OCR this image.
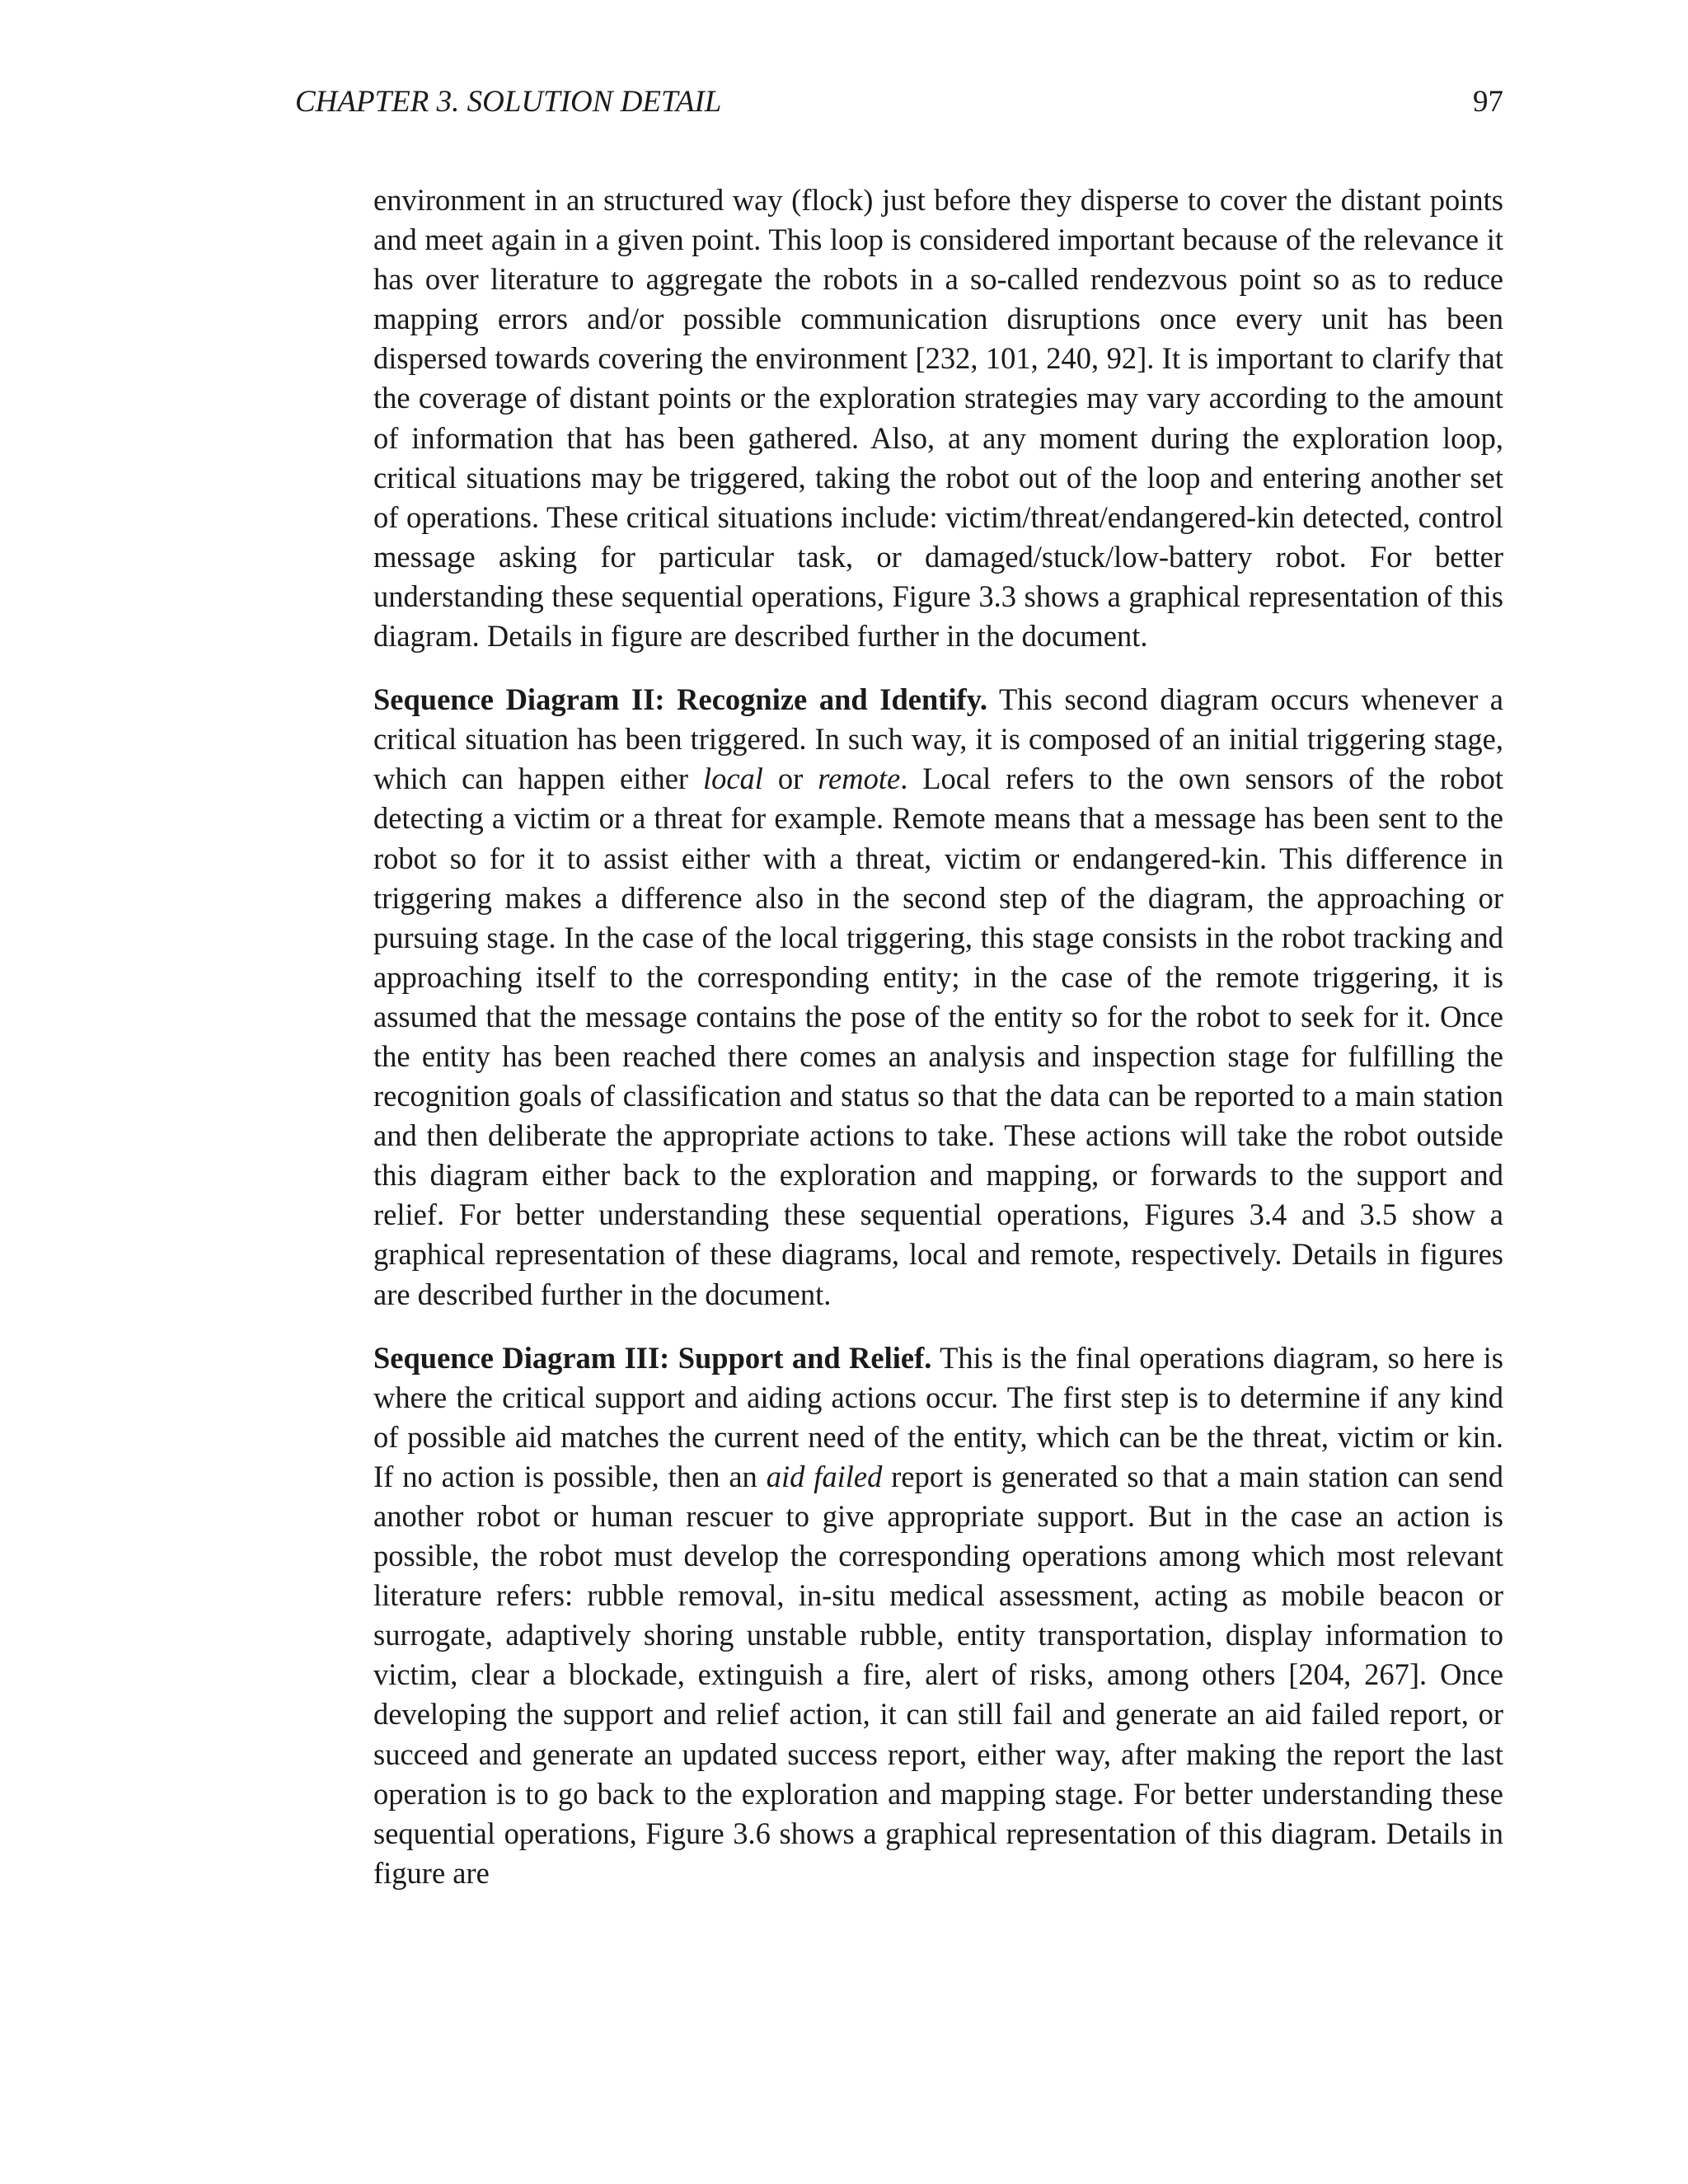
CHAPTER 3. SOLUTION DETAIL	97

environment in an structured way (flock) just before they disperse to cover the distant points and meet again in a given point. This loop is considered important because of the relevance it has over literature to aggregate the robots in a so-called rendezvous point so as to reduce mapping errors and/or possible communication disruptions once every unit has been dispersed towards covering the environment [232, 101, 240, 92]. It is important to clarify that the coverage of distant points or the exploration strategies may vary according to the amount of information that has been gathered. Also, at any moment during the exploration loop, critical situations may be triggered, taking the robot out of the loop and entering another set of operations. These critical situations include: victim/threat/endangered-kin detected, control message asking for particular task, or damaged/stuck/low-battery robot. For better understanding these sequential operations, Figure 3.3 shows a graphical representation of this diagram. Details in figure are described further in the document.

Sequence Diagram II: Recognize and Identify. This second diagram occurs whenever a critical situation has been triggered. In such way, it is composed of an initial triggering stage, which can happen either local or remote. Local refers to the own sensors of the robot detecting a victim or a threat for example. Remote means that a message has been sent to the robot so for it to assist either with a threat, victim or endangered-kin. This difference in triggering makes a difference also in the second step of the diagram, the approaching or pursuing stage. In the case of the local triggering, this stage consists in the robot tracking and approaching itself to the corresponding entity; in the case of the remote triggering, it is assumed that the message contains the pose of the entity so for the robot to seek for it. Once the entity has been reached there comes an analysis and inspection stage for fulfilling the recognition goals of classification and status so that the data can be reported to a main station and then deliberate the appropriate actions to take. These actions will take the robot outside this diagram either back to the exploration and mapping, or forwards to the support and relief. For better understanding these sequential operations, Figures 3.4 and 3.5 show a graphical representation of these diagrams, local and remote, respectively. Details in figures are described further in the document.

Sequence Diagram III: Support and Relief. This is the final operations diagram, so here is where the critical support and aiding actions occur. The first step is to determine if any kind of possible aid matches the current need of the entity, which can be the threat, victim or kin. If no action is possible, then an aid failed report is generated so that a main station can send another robot or human rescuer to give appropriate support. But in the case an action is possible, the robot must develop the corresponding operations among which most relevant literature refers: rubble removal, in-situ medical assessment, acting as mobile beacon or surrogate, adaptively shoring unstable rubble, entity transportation, display information to victim, clear a blockade, extinguish a fire, alert of risks, among others [204, 267]. Once developing the support and relief action, it can still fail and generate an aid failed report, or succeed and generate an updated success report, either way, after making the report the last operation is to go back to the exploration and mapping stage. For better understanding these sequential operations, Figure 3.6 shows a graphical representation of this diagram. Details in figure are
